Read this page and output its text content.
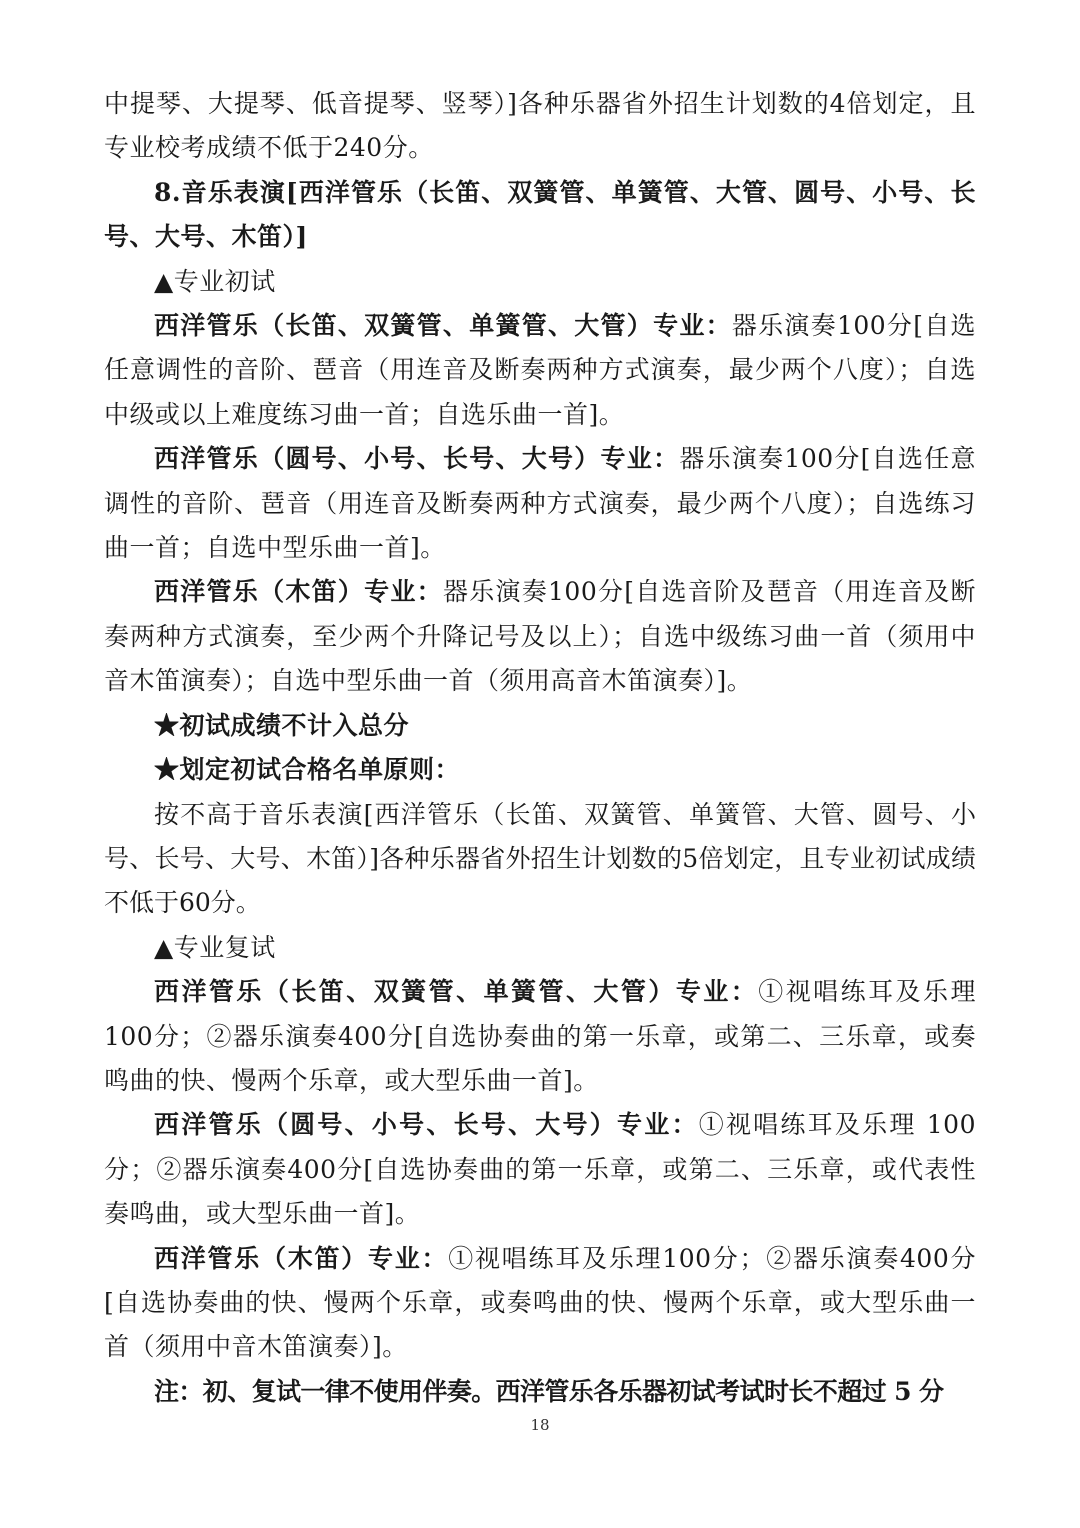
中提琴、大提琴、低音提琴、竖琴）]各种乐器省外招生计划数的4倍划定，且专业校考成绩不低于240分。

8.音乐表演[西洋管乐（长笛、双簧管、单簧管、大管、圆号、小号、长号、大号、木笛）]

▲专业初试

西洋管乐（长笛、双簧管、单簧管、大管）专业：器乐演奏100分[自选任意调性的音阶、琶音（用连音及断奏两种方式演奏，最少两个八度）；自选中级或以上难度练习曲一首；自选乐曲一首]。

西洋管乐（圆号、小号、长号、大号）专业：器乐演奏100分[自选任意调性的音阶、琶音（用连音及断奏两种方式演奏，最少两个八度）；自选练习曲一首；自选中型乐曲一首]。

西洋管乐（木笛）专业：器乐演奏100分[自选音阶及琶音（用连音及断奏两种方式演奏，至少两个升降记号及以上）；自选中级练习曲一首（须用中音木笛演奏）；自选中型乐曲一首（须用高音木笛演奏）]。

★初试成绩不计入总分

★划定初试合格名单原则：

按不高于音乐表演[西洋管乐（长笛、双簧管、单簧管、大管、圆号、小号、长号、大号、木笛）]各种乐器省外招生计划数的5倍划定，且专业初试成绩不低于60分。

▲专业复试

西洋管乐（长笛、双簧管、单簧管、大管）专业：①视唱练耳及乐理 100分；②器乐演奏400分[自选协奏曲的第一乐章，或第二、三乐章，或奏鸣曲的快、慢两个乐章，或大型乐曲一首]。

西洋管乐（圆号、小号、长号、大号）专业：①视唱练耳及乐理 100 分；②器乐演奏400分[自选协奏曲的第一乐章，或第二、三乐章，或代表性奏鸣曲，或大型乐曲一首]。

西洋管乐（木笛）专业：①视唱练耳及乐理100分；②器乐演奏400分[自选协奏曲的快、慢两个乐章，或奏鸣曲的快、慢两个乐章，或大型乐曲一首（须用中音木笛演奏）]。

注：初、复试一律不使用伴奏。西洋管乐各乐器初试考试时长不超过 5 分

18
